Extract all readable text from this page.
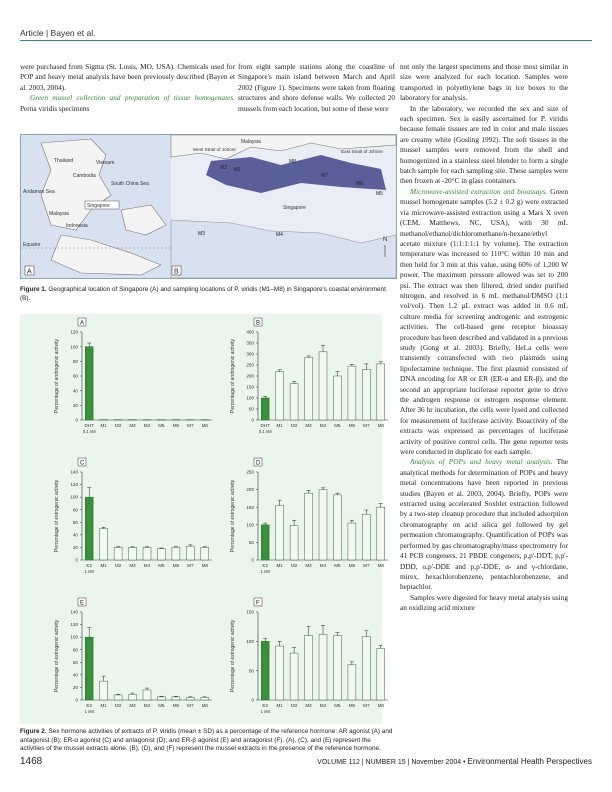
Article | Bayen et al.

were purchased from Sigma (St. Louis, MO, USA). Chemicals used for POP and heavy metal analysis have been previously described (Bayen et al. 2003, 2004).

Green mussel collection and preparation of tissue homogenates. Perna viridis specimens

from eight sample stations along the coastline of Singapore's main island between March and April 2002 (Figure 1). Specimens were taken from floating structures and shore defense walls. We collected 20 mussels from each location, but some of these were

not only the largest specimens and those most similar in size were analyzed for each location. Samples were transported in polyethylene bags in ice boxes to the laboratory for analysis.

In the laboratory, we recorded the sex and size of each specimen. Sex is easily ascertained for P. viridis because female tissues are red in color and male tissues are creamy white (Gosling 1992). The soft tissues in the mussel samples were removed from the shell and homogenized in a stainless steel blender to form a single batch sample for each sampling site. These samples were then frozen at -20°C in glass containers.

Microwave-assisted extraction and bioassays. Green mussel homogenate samples (5.2 ± 0.2 g) were extracted via microwave-assisted extraction using a Mars X oven (CEM, Matthews, NC, USA), with 30 mL methanol/ethanol/dichloromethane/n-hexane/ethyl acetate mixture (1:1:1:1:1 by volume). The extraction temperature was increased to 110°C within 10 min and then held for 3 min at this value, using 60% of 1,200 W power. The maximum pressure allowed was set to 200 psi. The extract was then filtered, dried under purified nitrogen, and resolved in 6 mL methanol/DMSO (1:1 vol/vol). Then 1.2 µL extract was added in 0.6 mL culture media for screening androgenic and estrogenic activities. The cell-based gene receptor bioassay procedure has been described and validated in a previous study (Gong et al. 2003). Briefly, HeLa cells were transiently cotransfected with two plasmids using lipofectamine technique. The first plasmid consisted of DNA encoding for AR or ER (ER-α and ER-β), and the second an appropriate luciferase reporter gene to drive the androgen response or estrogen response element. After 36 hr incubation, the cells were lysed and collected for measurement of luciferase activity. Bioactivity of the extracts was expressed as percentages of luciferase activity of positive control cells. The gene reporter tests were conducted in duplicate for each sample.

Analysis of POPs and heavy metal analysis. The analytical methods for determination of POPs and heavy metal concentrations have been reported in previous studies (Bayen et al. 2003, 2004). Briefly, POPs were extracted using accelerated Soxhlet extraction followed by a two-step cleanup procedure that included adsorption chromatography on acid silica gel followed by gel permeation chromatography. Quantification of POPs was performed by gas chromatography/mass spectrometry for 41 PCB congeners, 21 PBDE congeners, p,p'-DDT, p,p'-DDD, o,p'-DDE and p,p'-DDE, α- and γ-chlordane, mirex, hexachlorobenzene, pentachlorobenzene, and heptachlor.

Samples were digested for heavy metal analysis using an oxidizing acid mixture

Thailand	Vietnam
Cambodia
South China Sea
Andaman Sea
Malaysia
Singapore
Indonesia
Equator
A
Malaysia
West Strait of Johore	East Strait of Johore
Singapore
M1
M2
M3	M4
M5
M6
M7
M8
N
B
Figure 1. Geographical location of Singapore (A) and sampling locations of P. viridis (M1–M8) in Singapore's coastal environment (B).
A
0
20
40
60
80
100
120
Percentage of androgenic activity
DHT
0.1 nM
M1 M2 M3 M4 M5 M6 M7 M8
B
0
50
100
150
200
250
300
350
400
Percentage of androgenic activity
DHT
0.1 nM
M1 M2 M3 M4 M5 M6 M7 M8
C
0
20
40
60
80
100
120
140
Percentage of estrogenic activity
E2
1 nM
M1 M2 M3 M4 M5 M6 M7 M8
D
0
50
100
150
200
250
Percentage of estrogenic activity
E2
1 nM
M1 M2 M3 M4 M5 M6 M7 M8
E
0
20
40
60
80
100
120
140
Percentage of estrogenic activity
E2
1 nM
M1 M2 M3 M4 M5 M6 M7 M8
F
0
50
100
150
Percentage of estrogenic activity
E2
1 nM
M1 M2 M3 M4 M5 M6 M7 M8
Figure 2. Sex hormone activities of extracts of P. viridis (mean ± SD) as a percentage of the reference hormone: AR agonist (A) and antagonist (B); ER-α agonist (C) and antagonist (D); and ER-β agonist (E) and antagonist (F). (A), (C), and (E) represent the activities of the mussel extracts alone. (B), (D), and (F) represent the mussel extracts in the presence of the reference hormone.
1468	VOLUME 112 | NUMBER 15 | November 2004 • Environmental Health Perspectives
